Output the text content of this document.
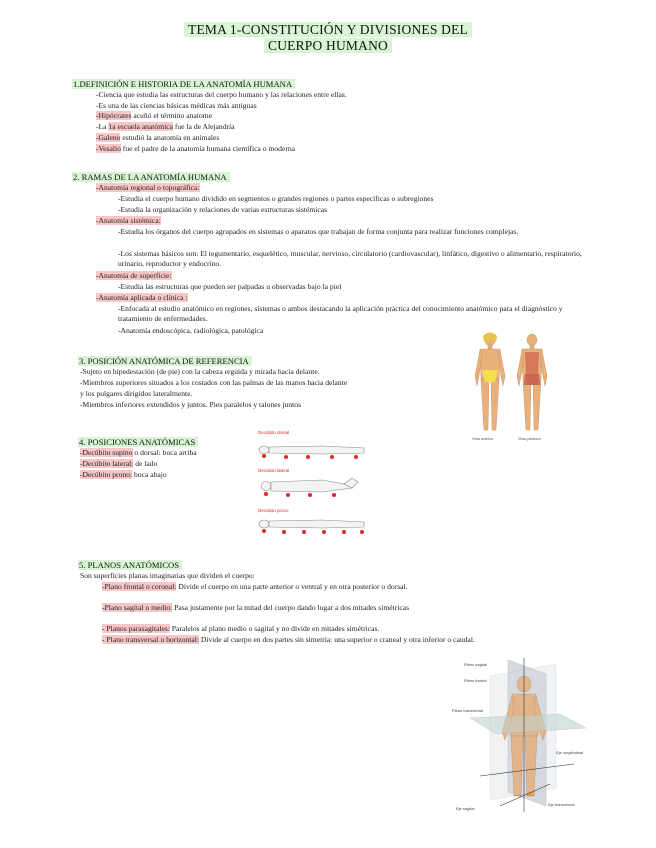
TEMA 1-CONSTITUCIÓN Y DIVISIONES DEL
CUERPO HUMANO
1.DEFINICIÓN E HISTORIA DE LA ANATOMÍA HUMANA
-Ciencia que estudia las estructuras del cuerpo humano y las relaciones entre ellas.
-Es una de las ciencias básicas médicas más antiguas
-Hipócrates acuñó el término anatome
-La 1a escuela anatómica fue la de Alejandría
-Galeno estudió la anatomía en animales
-Vesalio fue el padre de la anatomía humana científica o moderna
2. RAMAS DE LA ANATOMÍA HUMANA
-Anatomía regional o topográfica:
-Estudia el cuerpo humano dividido en segmentos o grandes regiones o partes específicas o subregiones
-Estudia la organización y relaciones de varias estructuras sistémicas
-Anatomía sistémica:
-Estudia los órganos del cuerpo agrupados en sistemas o aparatos que trabajan de forma conjunta para realizar funciones complejas.
-Los sistemas básicos son: El tegumentario, esquelético, muscular, nervioso, circulatorio (cardiovascular), linfático, digestivo o alimentario, respiratorio, urinario, reproductor y endocrino.
-Anatomía de superficie:
-Estudia las estructuras que pueden ser palpadas u observadas bajo la piel
-Anatomía aplicada o clínica :
-Enfocada al estudio anatómico en regiones, sistemas o ambos destacando la aplicación práctica del conocimiento anatómico para el diagnóstico y tratamiento de enfermedades.
-Anatomía endoscópica, radiológica, patológica
3. POSICIÓN ANATÓMICA DE REFERENCIA
-Sujeto en bipedestación (de pie) con la cabeza erguida y mirada hacia delante.
-Miembros superiores situados a los costados con las palmas de las manos hacia delante
y los pulgares dirigidos lateralmente.
-Miembros inferiores extendidos y juntos. Pies paralelos y talones juntos
Vista anterior	Vista posterior
4. POSICIONES ANATÓMICAS
-Decúbito supino o dorsal: boca arriba
-Decúbito lateral: de lado
-Decúbito prono: boca abajo
Decúbito dorsal
Decúbito lateral
Decúbito prono
5. PLANOS ANATÓMICOS
Son superficies planas imaginarias que dividen el cuerpo:
-Plano frontal o coronal: Divide el cuerpo en una parte anterior o ventral y en otra posterior o dorsal.
-Plano sagital o medio: Pasa justamente por la mitad del cuerpo dando lugar a dos mitades simétricas
- Planos parasagitales: Paralelos al plano medio o sagital y no divide en mitades simétricas.
- Plano transversal u horizontal: Divide al cuerpo en dos partes sin simetría: una superior o craneal y otra inferior o caudal.
Plano sagital
Plano frontal
Plano transversal
Eje longitudinal
Eje sagital
Eje transversal
